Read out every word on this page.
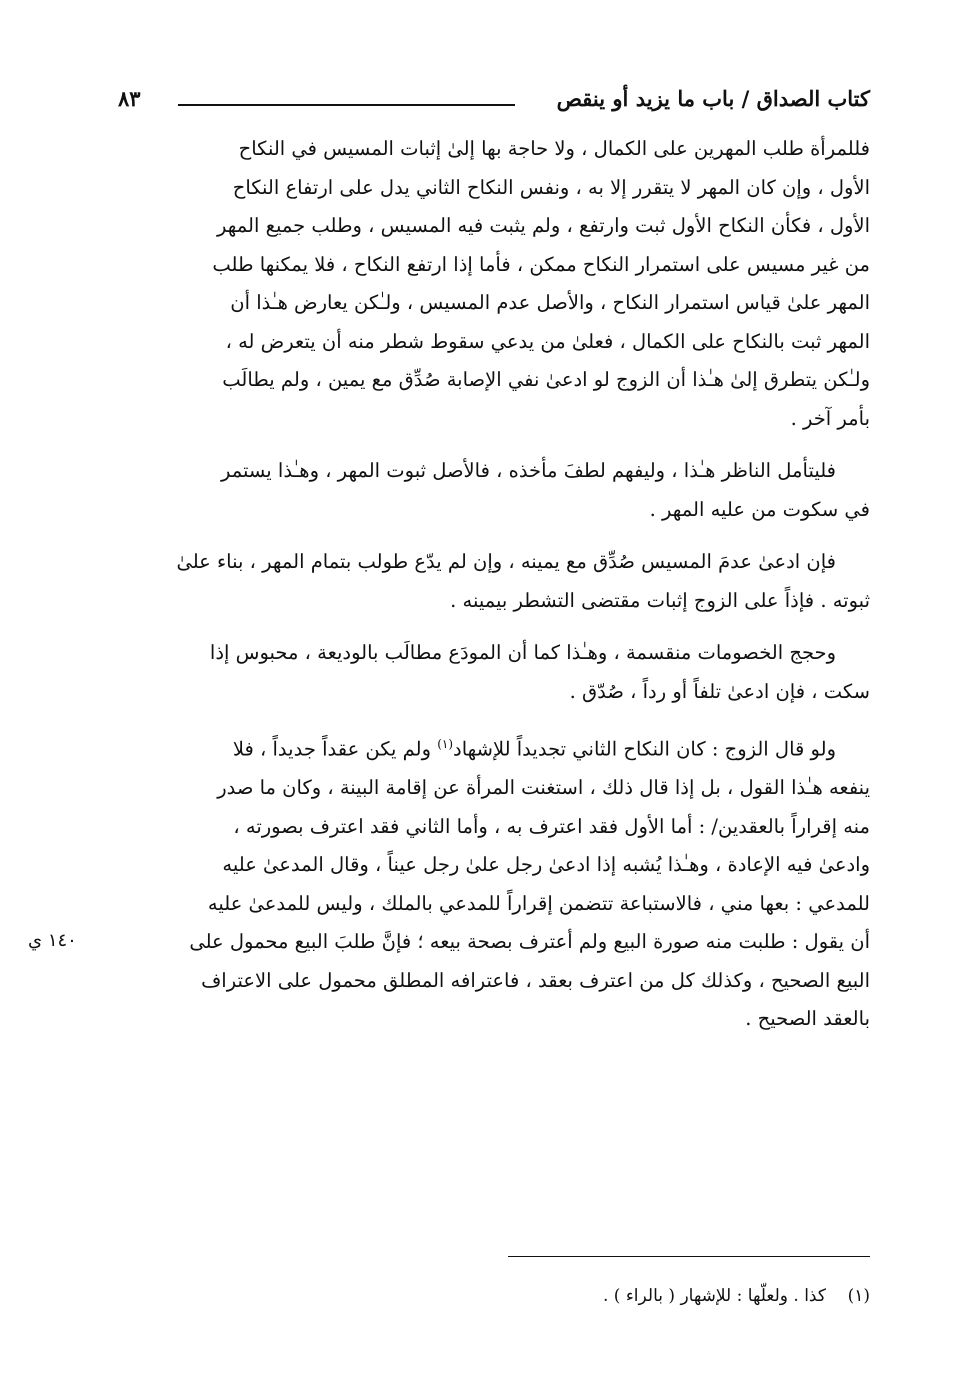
كتاب الصداق / باب ما يزيد أو ينقص
٨٣

فللمرأة طلب المهرين على الكمال ، ولا حاجة بها إلىٰ إثبات المسيس في النكاح
الأول ، وإن كان المهر لا يتقرر إلا به ، ونفس النكاح الثاني يدل على ارتفاع النكاح
الأول ، فكأن النكاح الأول ثبت وارتفع ، ولم يثبت فيه المسيس ، وطلب جميع المهر
من غير مسيس على استمرار النكاح ممكن ، فأما إذا ارتفع النكاح ، فلا يمكنها طلب
المهر علىٰ قياس استمرار النكاح ، والأصل عدم المسيس ، ولـٰكن يعارض هـٰذا أن
المهر ثبت بالنكاح على الكمال ، فعلىٰ من يدعي سقوط شطر منه أن يتعرض له ،
ولـٰكن يتطرق إلىٰ هـٰذا أن الزوج لو ادعىٰ نفي الإصابة صُدِّق مع يمين ، ولم يطالَب
بأمر آخر .

فليتأمل الناظر هـٰذا ، وليفهم لطفَ مأخذه ، فالأصل ثبوت المهر ، وهـٰذا يستمر
في سكوت من عليه المهر .

فإن ادعىٰ عدمَ المسيس صُدِّق مع يمينه ، وإن لم يدّع طولب بتمام المهر ، بناء علىٰ
ثبوته . فإذاً على الزوج إثبات مقتضى التشطر بيمينه .

وحجج الخصومات منقسمة ، وهـٰذا كما أن المودَع مطالَب بالوديعة ، محبوس إذا
سكت ، فإن ادعىٰ تلفاً أو رداً ، صُدّق .

ولو قال الزوج : كان النكاح الثاني تجديداً للإشهاد$^{(١)}$ ولم يكن عقداً جديداً ، فلا
ينفعه هـٰذا القول ، بل إذا قال ذلك ، استغنت المرأة عن إقامة البينة ، وكان ما صدر
منه إقراراً بالعقدين/ : أما الأول فقد اعترف به ، وأما الثاني فقد اعترف بصورته ،
وادعىٰ فيه الإعادة ، وهـٰذا يُشبه إذا ادعىٰ رجل علىٰ رجل عيناً ، وقال المدعىٰ عليه
للمدعي : بعها مني ، فالاستباعة تتضمن إقراراً للمدعي بالملك ، وليس للمدعىٰ عليه
أن يقول : طلبت منه صورة البيع ولم أعترف بصحة بيعه ؛ فإنَّ طلبَ البيع محمول على
البيع الصحيح ، وكذلك كل من اعترف بعقد ، فاعترافه المطلق محمول على الاعتراف
بالعقد الصحيح .

١٤٠ ي
(١)    كذا . ولعلّها : للإشهار ( بالراء ) .
